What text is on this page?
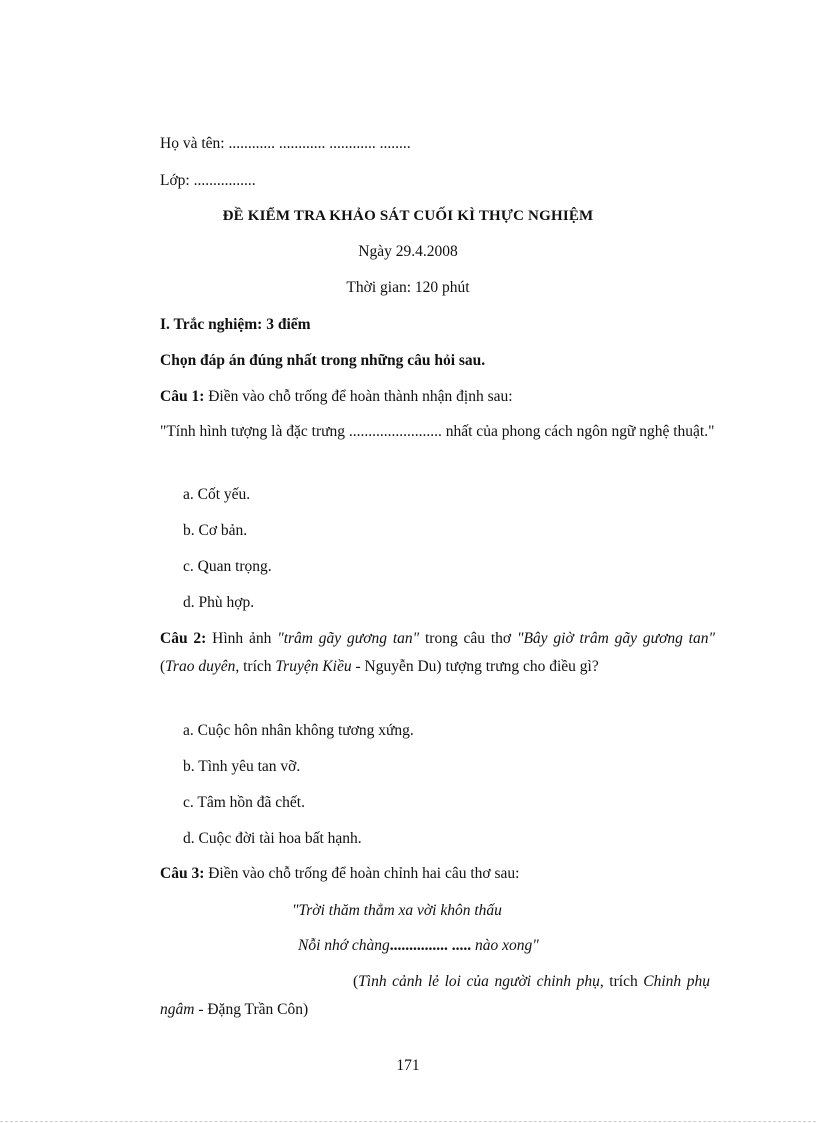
Họ và tên: ............ ............ ............ ........
Lớp: ................
ĐỀ KIỂM TRA KHẢO SÁT CUỐI KÌ THỰC NGHIỆM
Ngày 29.4.2008
Thời gian: 120 phút
I. Trắc nghiệm: 3 điểm
Chọn đáp án đúng nhất trong những câu hỏi sau.
Câu 1: Điền vào chỗ trống để hoàn thành nhận định sau:
"Tính hình tượng là đặc trưng ........................ nhất của phong cách ngôn ngữ nghệ thuật."
a. Cốt yếu.
b. Cơ bản.
c. Quan trọng.
d. Phù hợp.
Câu 2: Hình ảnh "trâm gãy gương tan" trong câu thơ "Bây giờ trâm gãy gương tan" (Trao duyên, trích Truyện Kiều - Nguyễn Du) tượng trưng cho điều gì?
a. Cuộc hôn nhân không tương xứng.
b. Tình yêu tan vỡ.
c. Tâm hồn đã chết.
d. Cuộc đời tài hoa bất hạnh.
Câu 3: Điền vào chỗ trống để hoàn chỉnh hai câu thơ sau:
"Trời thăm thẳm xa vời khôn thấu
Nỗi nhớ chàng............... ..... nào xong"
(Tình cảnh lẻ loi của người chinh phụ, trích Chinh phụ ngâm - Đặng Trần Côn)
171
